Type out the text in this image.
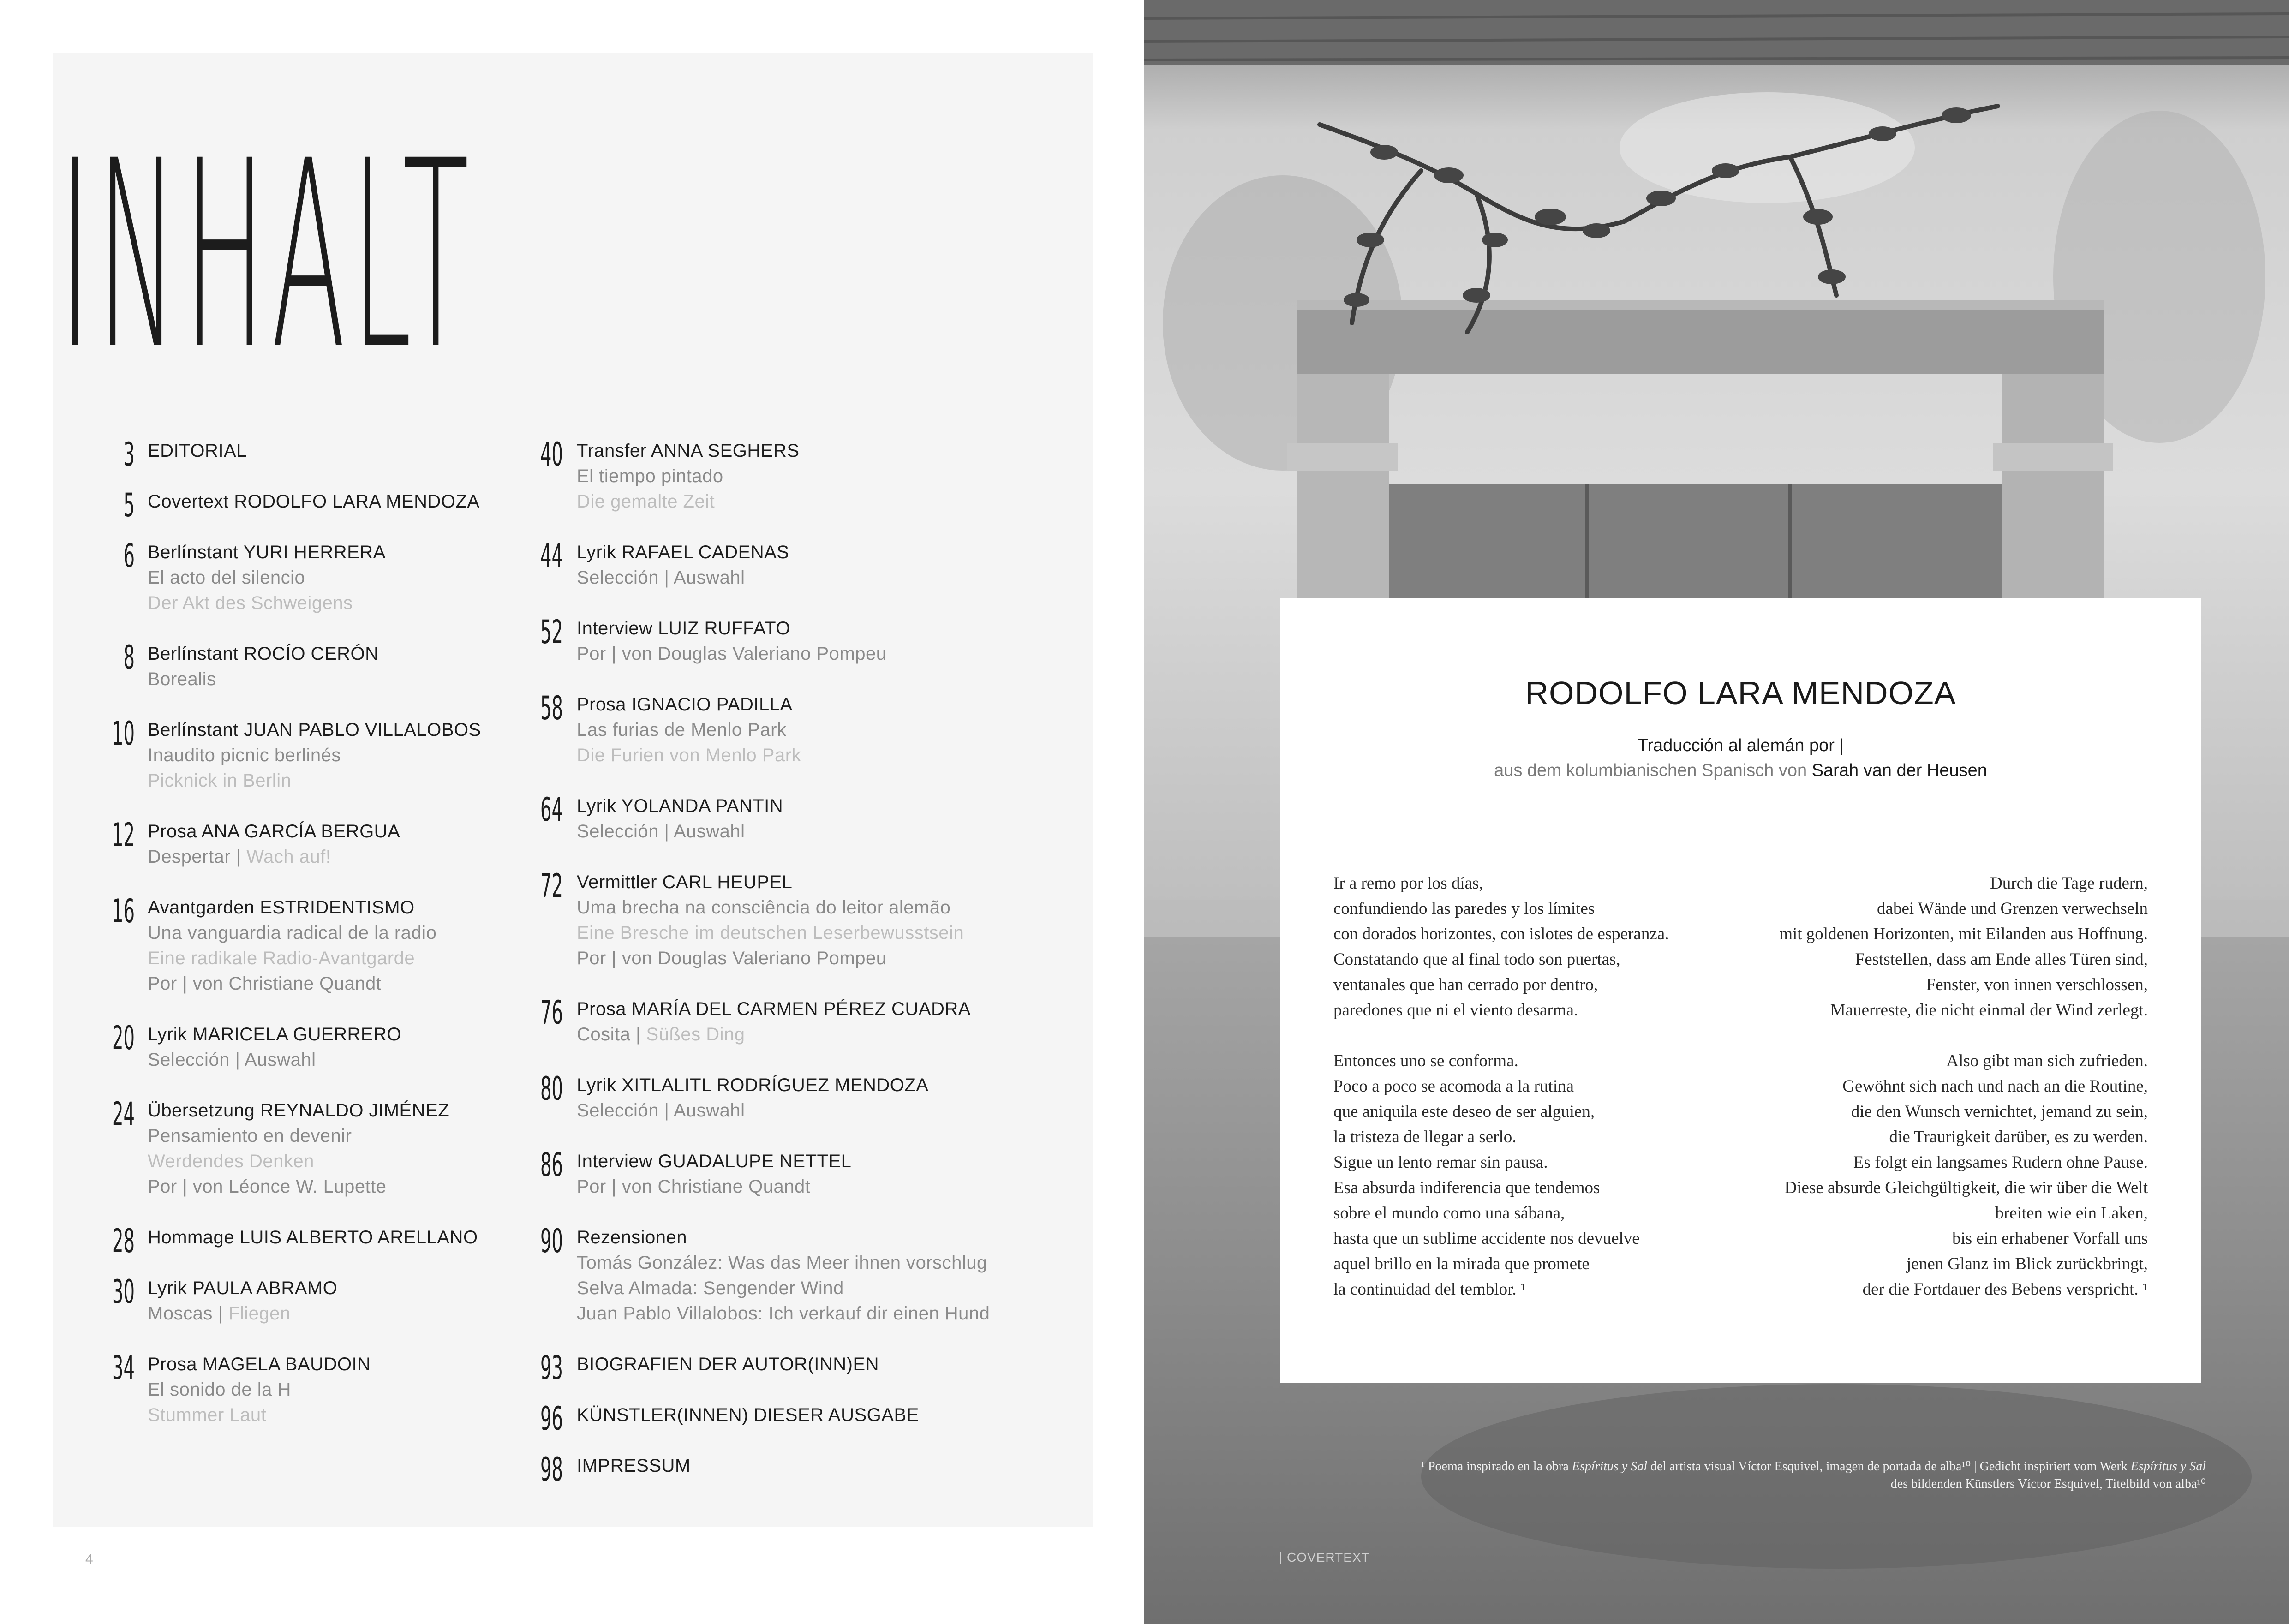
INHALT
3 EDITORIAL
5 Covertext RODOLFO LARA MENDOZA
6 Berlínstant YURI HERRERA
El acto del silencio
Der Akt des Schweigens
8 Berlínstant ROCÍO CERÓN
Borealis
10 Berlínstant JUAN PABLO VILLALOBOS
Inaudito picnic berlinés
Picknick in Berlin
12 Prosa ANA GARCÍA BERGUA
Despertar | Wach auf!
16 Avantgarden ESTRIDENTISMO
Una vanguardia radical de la radio
Eine radikale Radio-Avantgarde
Por | von Christiane Quandt
20 Lyrik MARICELA GUERRERO
Selección | Auswahl
24 Übersetzung REYNALDO JIMÉNEZ
Pensamiento en devenir
Werdendes Denken
Por | von Léonce W. Lupette
28 Hommage LUIS ALBERTO ARELLANO
30 Lyrik PAULA ABRAMO
Moscas | Fliegen
34 Prosa MAGELA BAUDOIN
El sonido de la H
Stummer Laut
40 Transfer ANNA SEGHERS
El tiempo pintado
Die gemalte Zeit
44 Lyrik RAFAEL CADENAS
Selección | Auswahl
52 Interview LUIZ RUFFATO
Por | von Douglas Valeriano Pompeu
58 Prosa IGNACIO PADILLA
Las furias de Menlo Park
Die Furien von Menlo Park
64 Lyrik YOLANDA PANTIN
Selección | Auswahl
72 Vermittler CARL HEUPEL
Uma brecha na consciência do leitor alemão
Eine Bresche im deutschen Leserbewusstsein
Por | von Douglas Valeriano Pompeu
76 Prosa MARÍA DEL CARMEN PÉREZ CUADRA
Cosita | Süßes Ding
80 Lyrik XITLALITL RODRÍGUEZ MENDOZA
Selección | Auswahl
86 Interview GUADALUPE NETTEL
Por | von Christiane Quandt
90 Rezensionen
Tomás González: Was das Meer ihnen vorschlug
Selva Almada: Sengender Wind
Juan Pablo Villalobos: Ich verkauf dir einen Hund
93 BIOGRAFIEN DER AUTOR(INN)EN
96 KÜNSTLER(INNEN) DIESER AUSGABE
98 IMPRESSUM
4
RODOLFO LARA MENDOZA
Traducción al alemán por |
aus dem kolumbianischen Spanisch von Sarah van der Heusen
Ir a remo por los días,
confundiendo las paredes y los límites
con dorados horizontes, con islotes de esperanza.
Constatando que al final todo son puertas,
ventanales que han cerrado por dentro,
paredones que ni el viento desarma.
Entonces uno se conforma.
Poco a poco se acomoda a la rutina
que aniquila este deseo de ser alguien,
la tristeza de llegar a serlo.
Sigue un lento remar sin pausa.
Esa absurda indiferencia que tendemos
sobre el mundo como una sábana,
hasta que un sublime accidente nos devuelve
aquel brillo en la mirada que promete
la continuidad del temblor. ¹
Durch die Tage rudern,
dabei Wände und Grenzen verwechseln
mit goldenen Horizonten, mit Eilanden aus Hoffnung.
Feststellen, dass am Ende alles Türen sind,
Fenster, von innen verschlossen,
Mauerreste, die nicht einmal der Wind zerlegt.
Also gibt man sich zufrieden.
Gewöhnt sich nach und nach an die Routine,
die den Wunsch vernichtet, jemand zu sein,
die Traurigkeit darüber, es zu werden.
Es folgt ein langsames Rudern ohne Pause.
Diese absurde Gleichgültigkeit, die wir über die Welt
breiten wie ein Laken,
bis ein erhabener Vorfall uns
jenen Glanz im Blick zurückbringt,
der die Fortdauer des Bebens verspricht. ¹
¹ Poema inspirado en la obra Espíritus y Sal del artista visual Víctor Esquivel, imagen de portada de alba¹⁰ | Gedicht inspiriert vom Werk Espíritus y Sal
des bildenden Künstlers Víctor Esquivel, Titelbild von alba¹⁰
| COVERTEXT
